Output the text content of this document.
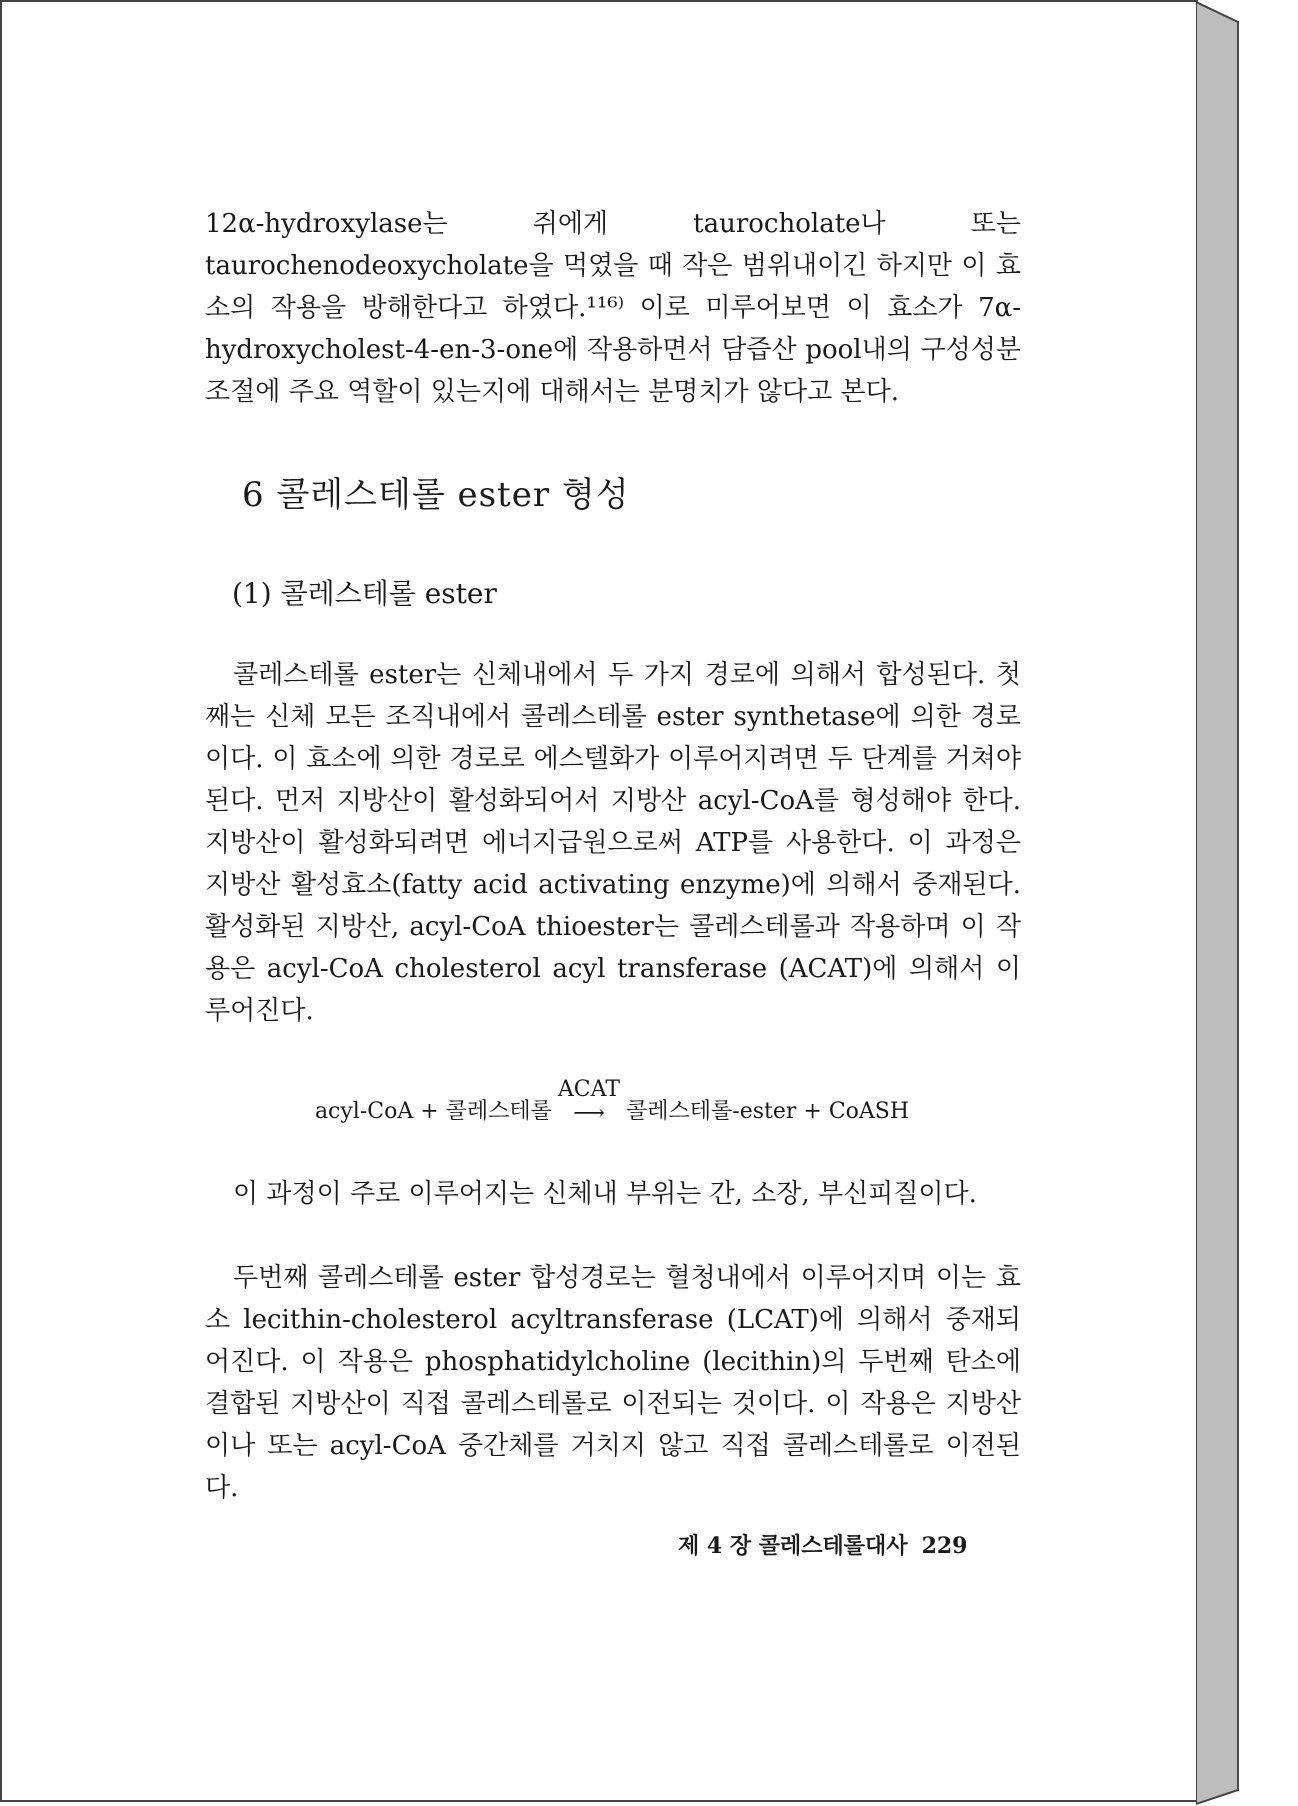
12α-hydroxylase는 쥐에게 taurocholate나 또는 taurochenodeoxycholate을 먹였을 때 작은 범위내이긴 하지만 이 효소의 작용을 방해한다고 하였다.¹¹⁶⁾ 이로 미루어보면 이 효소가 7α-hydroxycholest-4-en-3-one에 작용하면서 담즙산 pool내의 구성성분 조절에 주요 역할이 있는지에 대해서는 분명치가 않다고 본다.

6 콜레스테롤 ester 형성
(1) 콜레스테롤 ester

콜레스테롤 ester는 신체내에서 두 가지 경로에 의해서 합성된다. 첫째는 신체 모든 조직내에서 콜레스테롤 ester synthetase에 의한 경로이다. 이 효소에 의한 경로로 에스텔화가 이루어지려면 두 단계를 거쳐야 된다. 먼저 지방산이 활성화되어서 지방산 acyl-CoA를 형성해야 한다. 지방산이 활성화되려면 에너지급원으로써 ATP를 사용한다. 이 과정은 지방산 활성효소(fatty acid activating enzyme)에 의해서 중재된다. 활성화된 지방산, acyl-CoA thioester는 콜레스테롤과 작용하며 이 작용은 acyl-CoA cholesterol acyl transferase (ACAT)에 의해서 이루어진다.

acyl-CoA + 콜레스테롤
ACAT
⟶ 콜레스테롤-ester + CoASH

이 과정이 주로 이루어지는 신체내 부위는 간, 소장, 부신피질이다.

두번째 콜레스테롤 ester 합성경로는 혈청내에서 이루어지며 이는 효소 lecithin-cholesterol acyltransferase (LCAT)에 의해서 중재되어진다. 이 작용은 phosphatidylcholine (lecithin)의 두번째 탄소에 결합된 지방산이 직접 콜레스테롤로 이전되는 것이다. 이 작용은 지방산이나 또는 acyl-CoA 중간체를 거치지 않고 직접 콜레스테롤로 이전된다.

제 4 장 콜레스테롤대사 229
